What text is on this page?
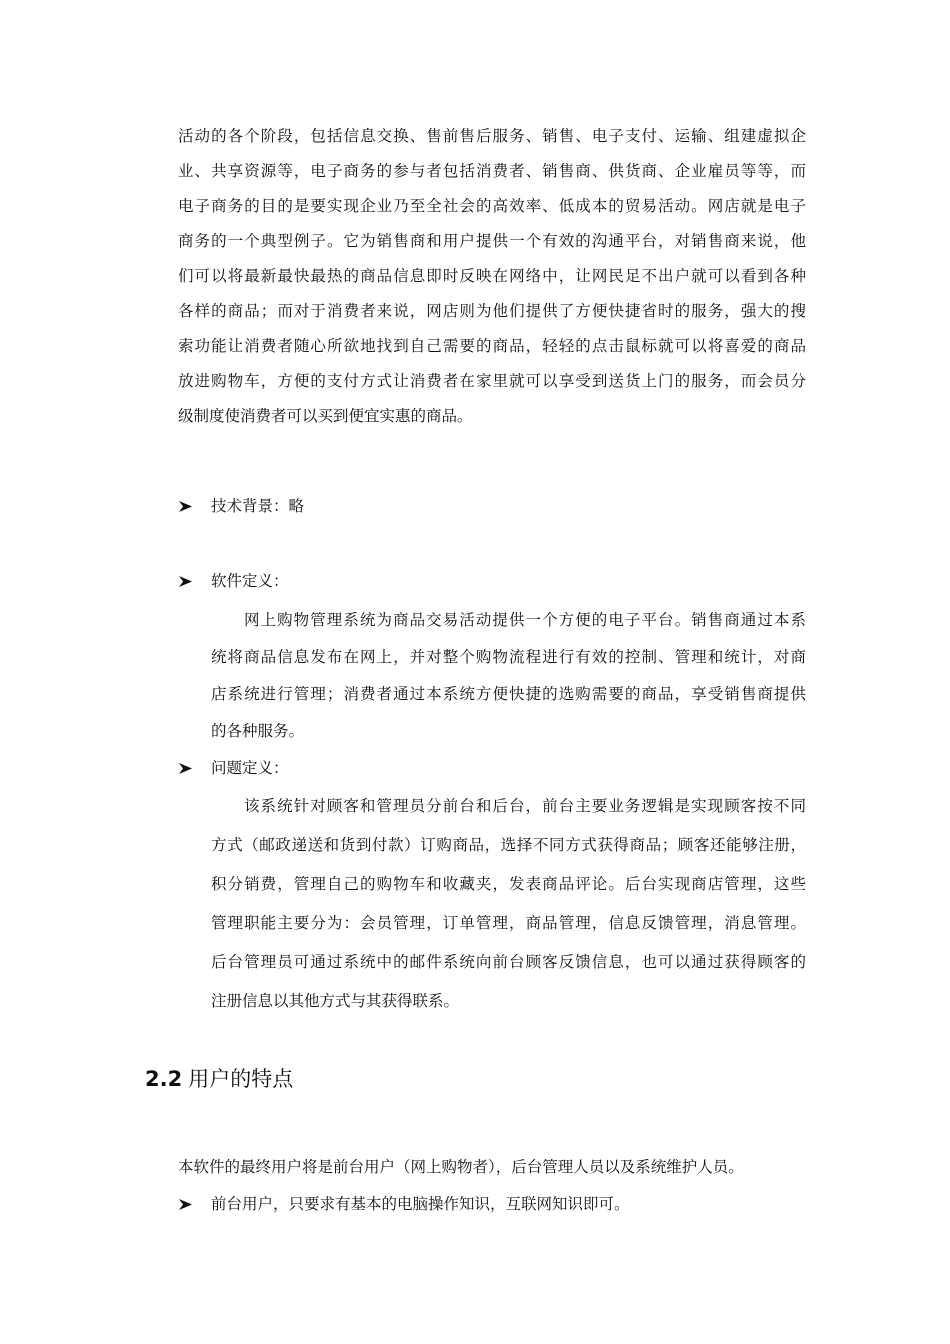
活动的各个阶段，包括信息交换、售前售后服务、销售、电子支付、运输、组建虚拟企
业、共享资源等，电子商务的参与者包括消费者、销售商、供货商、企业雇员等等，而
电子商务的目的是要实现企业乃至全社会的高效率、低成本的贸易活动。网店就是电子
商务的一个典型例子。它为销售商和用户提供一个有效的沟通平台，对销售商来说，他
们可以将最新最快最热的商品信息即时反映在网络中，让网民足不出户就可以看到各种
各样的商品；而对于消费者来说，网店则为他们提供了方便快捷省时的服务，强大的搜
索功能让消费者随心所欲地找到自己需要的商品，轻轻的点击鼠标就可以将喜爱的商品
放进购物车，方便的支付方式让消费者在家里就可以享受到送货上门的服务，而会员分
级制度使消费者可以买到便宜实惠的商品。
技术背景：略
软件定义：
网上购物管理系统为商品交易活动提供一个方便的电子平台。销售商通过本系
统将商品信息发布在网上，并对整个购物流程进行有效的控制、管理和统计，对商
店系统进行管理；消费者通过本系统方便快捷的选购需要的商品，享受销售商提供
的各种服务。
问题定义：
该系统针对顾客和管理员分前台和后台，前台主要业务逻辑是实现顾客按不同
方式（邮政递送和货到付款）订购商品，选择不同方式获得商品；顾客还能够注册，
积分销费，管理自己的购物车和收藏夹，发表商品评论。后台实现商店管理，这些
管理职能主要分为：会员管理，订单管理，商品管理，信息反馈管理，消息管理。
后台管理员可通过系统中的邮件系统向前台顾客反馈信息，也可以通过获得顾客的
注册信息以其他方式与其获得联系。
2.2 用户的特点
本软件的最终用户将是前台用户（网上购物者），后台管理人员以及系统维护人员。
前台用户，只要求有基本的电脑操作知识，互联网知识即可。
